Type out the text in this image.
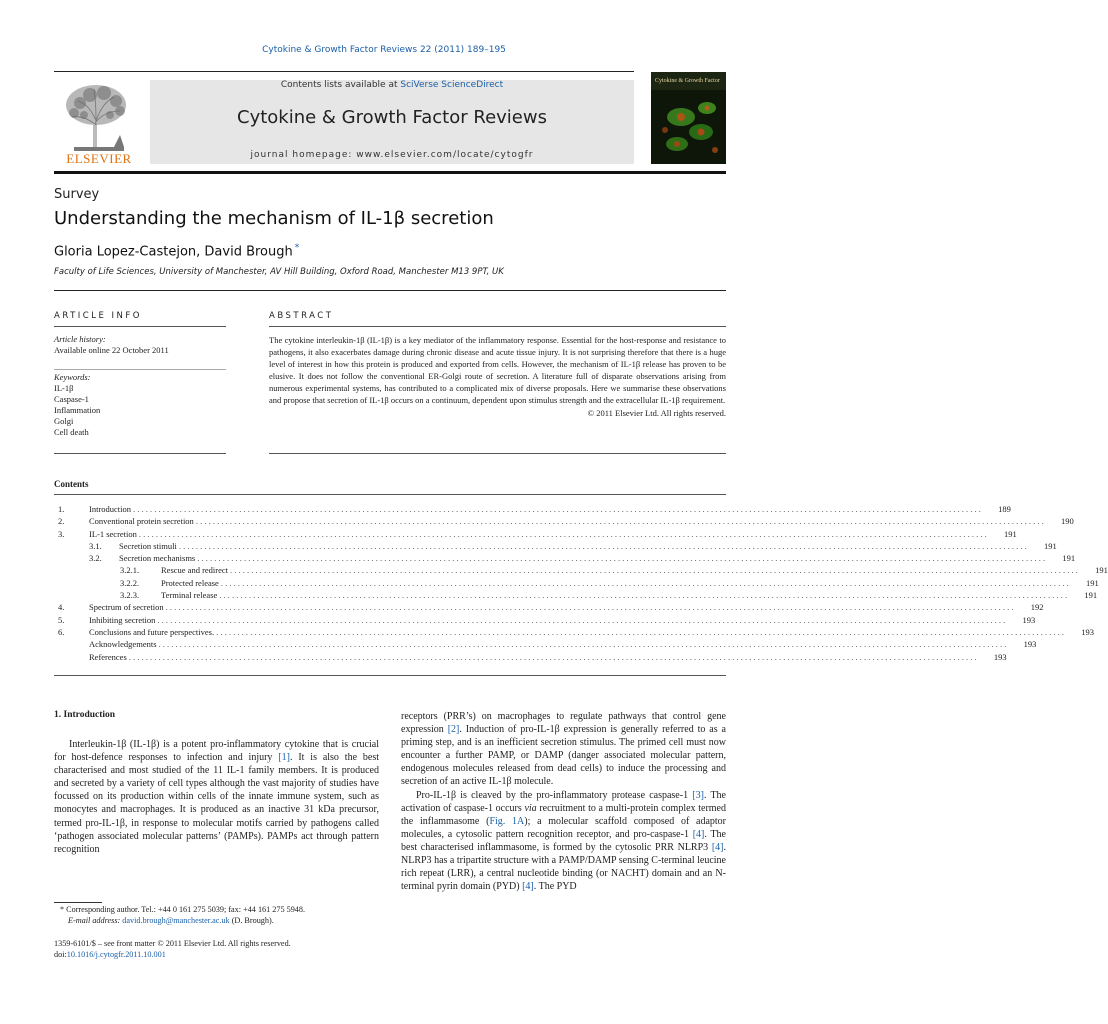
Cytokine & Growth Factor Reviews 22 (2011) 189–195
ELSEVIER
Contents lists available at SciVerse ScienceDirect
Cytokine & Growth Factor Reviews
journal homepage: www.elsevier.com/locate/cytogfr
Cytokine & Growth Factor
Survey
Understanding the mechanism of IL-1β secretion
Gloria Lopez-Castejon, David Brough *
Faculty of Life Sciences, University of Manchester, AV Hill Building, Oxford Road, Manchester M13 9PT, UK
ARTICLE INFO	ABSTRACT
Article history:
Available online 22 October 2011
Keywords:
IL-1β
Caspase-1
Inflammation
Golgi
Cell death
The cytokine interleukin-1β (IL-1β) is a key mediator of the inflammatory response. Essential for the host-response and resistance to pathogens, it also exacerbates damage during chronic disease and acute tissue injury. It is not surprising therefore that there is a huge level of interest in how this protein is produced and exported from cells. However, the mechanism of IL-1β release has proven to be elusive. It does not follow the conventional ER-Golgi route of secretion. A literature full of disparate observations arising from numerous experimental systems, has contributed to a complicated mix of diverse proposals. Here we summarise these observations and propose that secretion of IL-1β occurs on a continuum, dependent upon stimulus strength and the extracellular IL-1β requirement.
© 2011 Elsevier Ltd. All rights reserved.
Contents
1.	Introduction . . . . . . . . . . . . . . . . . . . . . . . . . . . . . . . . . . . . . . . . . . . . . . . . . . . . . . . . . . . . . . . . . . . . . . . . . . . . . . . . . . . . . . . . . . . . . . . . . . . . . . . . . . . . . . . . . . . . . . . . . . . . . . . . . . . . . . . . . . . . . . . . . . . . . . . . . . . . . . . . . . . . . . . . . . . . . . . . . . . . . . . . . . . . . . . . . . . . . . . .	189
2.	Conventional protein secretion . . . . . . . . . . . . . . . . . . . . . . . . . . . . . . . . . . . . . . . . . . . . . . . . . . . . . . . . . . . . . . . . . . . . . . . . . . . . . . . . . . . . . . . . . . . . . . . . . . . . . . . . . . . . . . . . . . . . . . . . . . . . . . . . . . . . . . . . . . . . . . . . . . . . . . . . . . . . . . . . . . . . . . . . . . . . . . . . . . . . . . . . . . . . . . . . . . . . . . . .	190
3.	IL-1 secretion . . . . . . . . . . . . . . . . . . . . . . . . . . . . . . . . . . . . . . . . . . . . . . . . . . . . . . . . . . . . . . . . . . . . . . . . . . . . . . . . . . . . . . . . . . . . . . . . . . . . . . . . . . . . . . . . . . . . . . . . . . . . . . . . . . . . . . . . . . . . . . . . . . . . . . . . . . . . . . . . . . . . . . . . . . . . . . . . . . . . . . . . . . . . . . . . . . . . . . . .	191
3.1.	Secretion stimuli . . . . . . . . . . . . . . . . . . . . . . . . . . . . . . . . . . . . . . . . . . . . . . . . . . . . . . . . . . . . . . . . . . . . . . . . . . . . . . . . . . . . . . . . . . . . . . . . . . . . . . . . . . . . . . . . . . . . . . . . . . . . . . . . . . . . . . . . . . . . . . . . . . . . . . . . . . . . . . . . . . . . . . . . . . . . . . . . . . . . . . . . . . . . . . . . . . . . . . . .	191
3.2.	Secretion mechanisms . . . . . . . . . . . . . . . . . . . . . . . . . . . . . . . . . . . . . . . . . . . . . . . . . . . . . . . . . . . . . . . . . . . . . . . . . . . . . . . . . . . . . . . . . . . . . . . . . . . . . . . . . . . . . . . . . . . . . . . . . . . . . . . . . . . . . . . . . . . . . . . . . . . . . . . . . . . . . . . . . . . . . . . . . . . . . . . . . . . . . . . . . . . . . . . . . . . . . . . .	191
3.2.1.	Rescue and redirect . . . . . . . . . . . . . . . . . . . . . . . . . . . . . . . . . . . . . . . . . . . . . . . . . . . . . . . . . . . . . . . . . . . . . . . . . . . . . . . . . . . . . . . . . . . . . . . . . . . . . . . . . . . . . . . . . . . . . . . . . . . . . . . . . . . . . . . . . . . . . . . . . . . . . . . . . . . . . . . . . . . . . . . . . . . . . . . . . . . . . . . . . . . . . . . . . . . . . . . .	191
3.2.2.	Protected release . . . . . . . . . . . . . . . . . . . . . . . . . . . . . . . . . . . . . . . . . . . . . . . . . . . . . . . . . . . . . . . . . . . . . . . . . . . . . . . . . . . . . . . . . . . . . . . . . . . . . . . . . . . . . . . . . . . . . . . . . . . . . . . . . . . . . . . . . . . . . . . . . . . . . . . . . . . . . . . . . . . . . . . . . . . . . . . . . . . . . . . . . . . . . . . . . . . . . . . .	191
3.2.3.	Terminal release . . . . . . . . . . . . . . . . . . . . . . . . . . . . . . . . . . . . . . . . . . . . . . . . . . . . . . . . . . . . . . . . . . . . . . . . . . . . . . . . . . . . . . . . . . . . . . . . . . . . . . . . . . . . . . . . . . . . . . . . . . . . . . . . . . . . . . . . . . . . . . . . . . . . . . . . . . . . . . . . . . . . . . . . . . . . . . . . . . . . . . . . . . . . . . . . . . . . . . . .	191
4.	Spectrum of secretion . . . . . . . . . . . . . . . . . . . . . . . . . . . . . . . . . . . . . . . . . . . . . . . . . . . . . . . . . . . . . . . . . . . . . . . . . . . . . . . . . . . . . . . . . . . . . . . . . . . . . . . . . . . . . . . . . . . . . . . . . . . . . . . . . . . . . . . . . . . . . . . . . . . . . . . . . . . . . . . . . . . . . . . . . . . . . . . . . . . . . . . . . . . . . . . . . . . . . . . .	192
5.	Inhibiting secretion . . . . . . . . . . . . . . . . . . . . . . . . . . . . . . . . . . . . . . . . . . . . . . . . . . . . . . . . . . . . . . . . . . . . . . . . . . . . . . . . . . . . . . . . . . . . . . . . . . . . . . . . . . . . . . . . . . . . . . . . . . . . . . . . . . . . . . . . . . . . . . . . . . . . . . . . . . . . . . . . . . . . . . . . . . . . . . . . . . . . . . . . . . . . . . . . . . . . . . . .	193
6.	Conclusions and future perspectives. . . . . . . . . . . . . . . . . . . . . . . . . . . . . . . . . . . . . . . . . . . . . . . . . . . . . . . . . . . . . . . . . . . . . . . . . . . . . . . . . . . . . . . . . . . . . . . . . . . . . . . . . . . . . . . . . . . . . . . . . . . . . . . . . . . . . . . . . . . . . . . . . . . . . . . . . . . . . . . . . . . . . . . . . . . . . . . . . . . . . . . . . . . . . . . . . . . . . . . . .	193
Acknowledgements . . . . . . . . . . . . . . . . . . . . . . . . . . . . . . . . . . . . . . . . . . . . . . . . . . . . . . . . . . . . . . . . . . . . . . . . . . . . . . . . . . . . . . . . . . . . . . . . . . . . . . . . . . . . . . . . . . . . . . . . . . . . . . . . . . . . . . . . . . . . . . . . . . . . . . . . . . . . . . . . . . . . . . . . . . . . . . . . . . . . . . . . . . . . . . . . . . . . . . . .	193
References . . . . . . . . . . . . . . . . . . . . . . . . . . . . . . . . . . . . . . . . . . . . . . . . . . . . . . . . . . . . . . . . . . . . . . . . . . . . . . . . . . . . . . . . . . . . . . . . . . . . . . . . . . . . . . . . . . . . . . . . . . . . . . . . . . . . . . . . . . . . . . . . . . . . . . . . . . . . . . . . . . . . . . . . . . . . . . . . . . . . . . . . . . . . . . . . . . . . . . . .	193
1. Introduction

Interleukin-1β (IL-1β) is a potent pro-inflammatory cytokine that is crucial for host-defence responses to infection and injury [1]. It is also the best characterised and most studied of the 11 IL-1 family members. It is produced and secreted by a variety of cell types although the vast majority of studies have focussed on its production within cells of the innate immune system, such as monocytes and macrophages. It is produced as an inactive 31 kDa precursor, termed pro-IL-1β, in response to molecular motifs carried by pathogens called ‘pathogen associated molecular patterns’ (PAMPs). PAMPs act through pattern recognition

receptors (PRR’s) on macrophages to regulate pathways that control gene expression [2]. Induction of pro-IL-1β expression is generally referred to as a priming step, and is an inefficient secretion stimulus. The primed cell must now encounter a further PAMP, or DAMP (danger associated molecular pattern, endogenous molecules released from dead cells) to induce the processing and secretion of an active IL-1β molecule.

Pro-IL-1β is cleaved by the pro-inflammatory protease caspase-1 [3]. The activation of caspase-1 occurs via recruitment to a multi-protein complex termed the inflammasome (Fig. 1A); a molecular scaffold composed of adaptor molecules, a cytosolic pattern recognition receptor, and pro-caspase-1 [4]. The best characterised inflammasome, is formed by the cytosolic PRR NLRP3 [4]. NLRP3 has a tripartite structure with a PAMP/DAMP sensing C-terminal leucine rich repeat (LRR), a central nucleotide binding (or NACHT) domain and an N-terminal pyrin domain (PYD) [4]. The PYD

* Corresponding author. Tel.: +44 0 161 275 5039; fax: +44 161 275 5948.
E-mail address: david.brough@manchester.ac.uk (D. Brough).
1359-6101/$ – see front matter © 2011 Elsevier Ltd. All rights reserved.
doi:10.1016/j.cytogfr.2011.10.001
